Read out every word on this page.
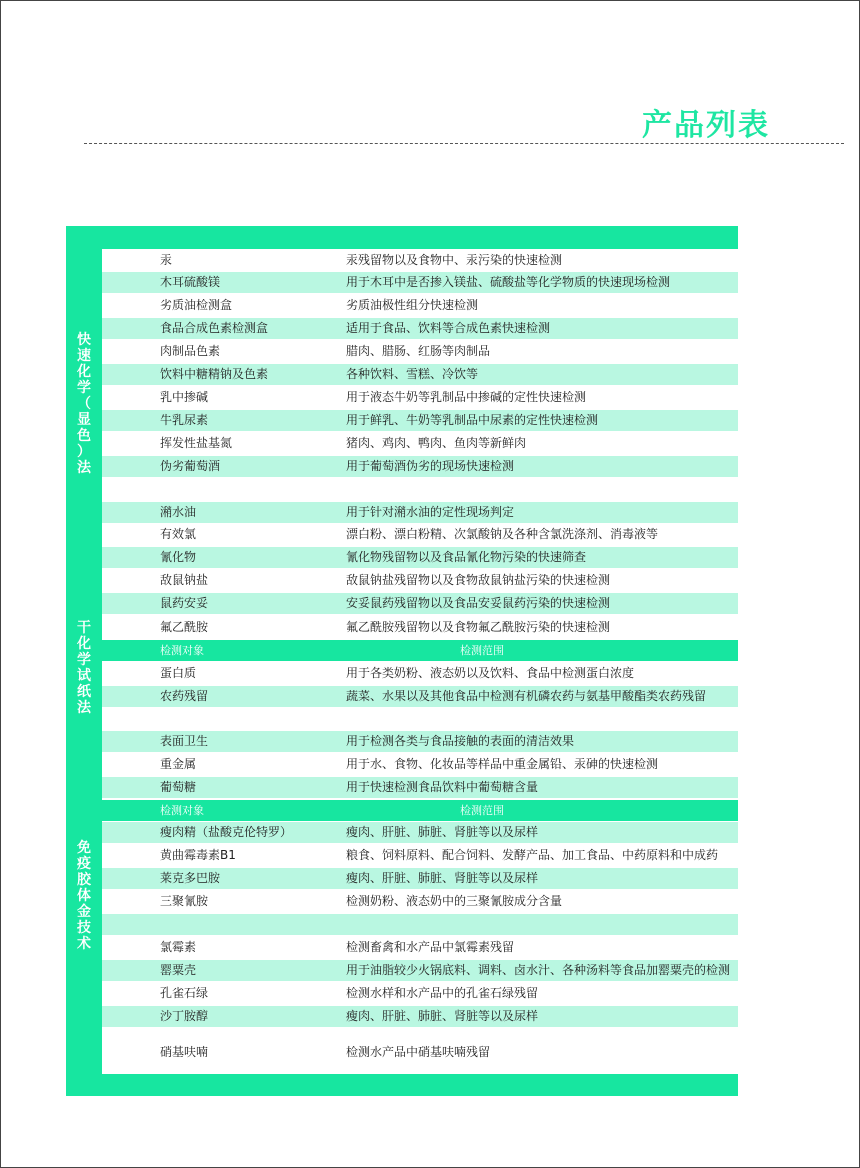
产品列表
快
速
化
学
（
显
色
）
法
干
化
学
试
纸
法
免
疫
胶
体
金
技
术
汞	汞残留物以及食物中、汞污染的快速检测
木耳硫酸镁	用于木耳中是否掺入镁盐、硫酸盐等化学物质的快速现场检测
劣质油检测盒	劣质油极性组分快速检测
食品合成色素检测盒	适用于食品、饮料等合成色素快速检测
肉制品色素	腊肉、腊肠、红肠等肉制品
饮料中糖精钠及色素	各种饮料、雪糕、冷饮等
乳中掺碱	用于液态牛奶等乳制品中掺碱的定性快速检测
牛乳尿素	用于鲜乳、牛奶等乳制品中尿素的定性快速检测
挥发性盐基氮	猪肉、鸡肉、鸭肉、鱼肉等新鲜肉
伪劣葡萄酒	用于葡萄酒伪劣的现场快速检测
潲水油	用于针对潲水油的定性现场判定
有效氯	漂白粉、漂白粉精、次氯酸钠及各种含氯洗涤剂、消毒液等
氰化物	氰化物残留物以及食品氰化物污染的快速筛查
敌鼠钠盐	敌鼠钠盐残留物以及食物敌鼠钠盐污染的快速检测
鼠药安妥	安妥鼠药残留物以及食品安妥鼠药污染的快速检测
氟乙酰胺	氟乙酰胺残留物以及食物氟乙酰胺污染的快速检测
检测对象	检测范围
蛋白质	用于各类奶粉、液态奶以及饮料、食品中检测蛋白浓度
农药残留	蔬菜、水果以及其他食品中检测有机磷农药与氨基甲酸酯类农药残留
表面卫生	用于检测各类与食品接触的表面的清洁效果
重金属	用于水、食物、化妆品等样品中重金属铅、汞砷的快速检测
葡萄糖	用于快速检测食品饮料中葡萄糖含量
检测对象	检测范围
瘦肉精（盐酸克伦特罗）	瘦肉、肝脏、肺脏、肾脏等以及尿样
黄曲霉毒素B1	粮食、饲料原料、配合饲料、发酵产品、加工食品、中药原料和中成药
莱克多巴胺	瘦肉、肝脏、肺脏、肾脏等以及尿样
三聚氰胺	检测奶粉、液态奶中的三聚氰胺成分含量
氯霉素	检测畜禽和水产品中氯霉素残留
罂粟壳	用于油脂较少火锅底料、调料、卤水汁、各种汤料等食品加罂粟壳的检测
孔雀石绿	检测水样和水产品中的孔雀石绿残留
沙丁胺醇	瘦肉、肝脏、肺脏、肾脏等以及尿样
硝基呋喃	检测水产品中硝基呋喃残留
